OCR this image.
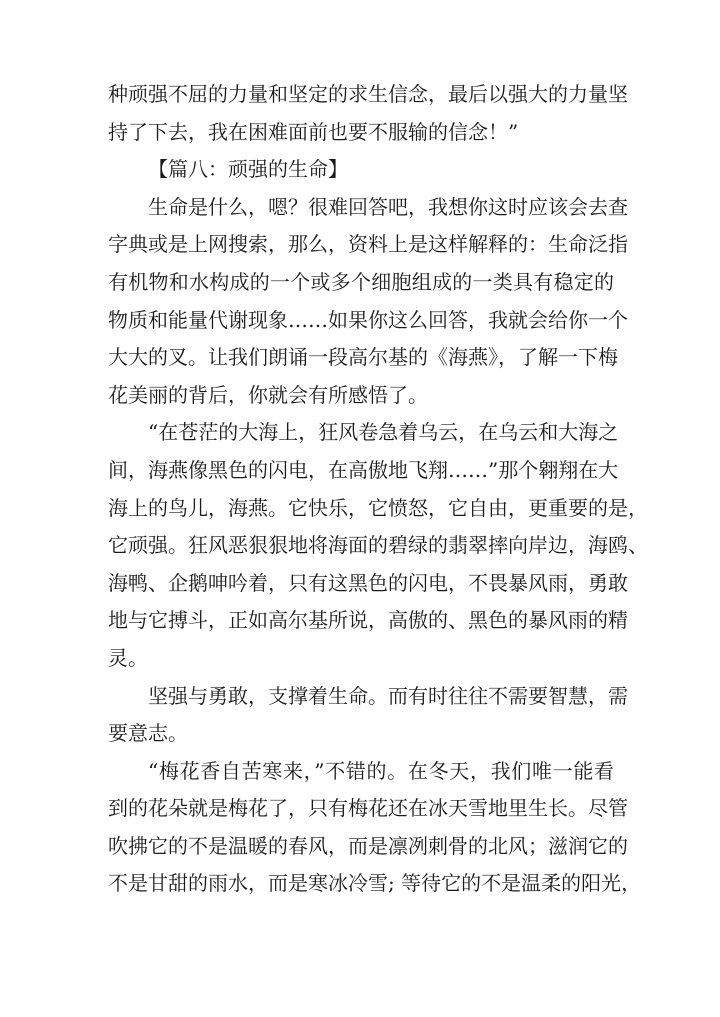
种顽强不屈的力量和坚定的求生信念，最后以强大的力量坚
持了下去，我在困难面前也要不服输的信念！”
【篇八：顽强的生命】
生命是什么，嗯？很难回答吧，我想你这时应该会去查
字典或是上网搜索，那么，资料上是这样解释的：生命泛指
有机物和水构成的一个或多个细胞组成的一类具有稳定的
物质和能量代谢现象……如果你这么回答，我就会给你一个
大大的叉。让我们朗诵一段高尔基的《海燕》，了解一下梅
花美丽的背后，你就会有所感悟了。
“在苍茫的大海上，狂风卷急着乌云，在乌云和大海之
间，海燕像黑色的闪电，在高傲地飞翔……”那个翱翔在大
海上的鸟儿，海燕。它快乐，它愤怒，它自由，更重要的是，
它顽强。狂风恶狠狠地将海面的碧绿的翡翠摔向岸边，海鸥、
海鸭、企鹅呻吟着，只有这黑色的闪电，不畏暴风雨，勇敢
地与它搏斗，正如高尔基所说，高傲的、黑色的暴风雨的精
灵。
坚强与勇敢，支撑着生命。而有时往往不需要智慧，需
要意志。
“梅花香自苦寒来，”不错的。在冬天，我们唯一能看
到的花朵就是梅花了，只有梅花还在冰天雪地里生长。尽管
吹拂它的不是温暖的春风，而是凛冽刺骨的北风；滋润它的
不是甘甜的雨水，而是寒冰冷雪; 等待它的不是温柔的阳光，
